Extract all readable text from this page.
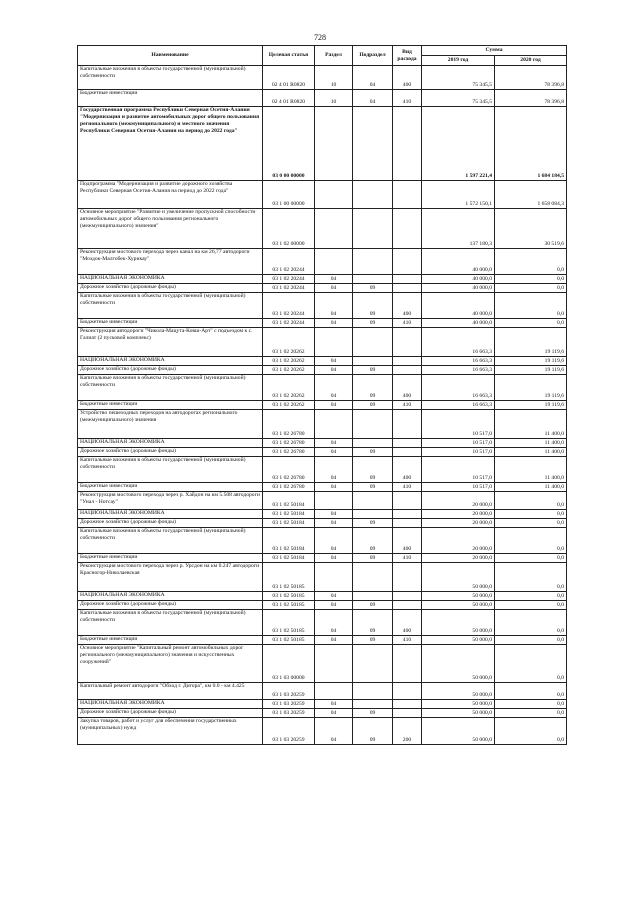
728
Наименование	Целевая статья	Раздел	Подраздел	Вид расхода	Сумма	
					2019 год	2020 год
Капитальные вложения в объекты государственной (муниципальной) собственности	02 4 01 R0820	10	04	400	75 345,5	78 396,8
Бюджетные инвестиции	02 4 01 R0820	10	04	410	75 345,5	78 396,8
Государственная программа Республики Северная Осетия-Алания "Модернизация и развитие автомобильных дорог общего пользования регионального (межмуниципального) и местного значения Республики Северная Осетия-Алания на период до 2022 года"	03 0 00 00000				1 597 221,4	1 684 184,5
Подпрограмма "Модернизация и развитие дорожного хозяйства Республики Северная Осетия-Алания на период до 2022 года"	03 1 00 00000				1 572 150,1	1 658 084,3
Основное мероприятие "Развитие и увеличение пропускной способности автомобильных дорог общего пользования регионального (межмуниципального) значения"	03 1 02 00000				137 180,3	30 519,6
Реконструкция мостового перехода через канал на км 26,77 автодороги "Моздок-Малгобек-Хурикау"	03 1 02 20244				40 000,0	0,0
НАЦИОНАЛЬНАЯ ЭКОНОМИКА	03 1 02 20244	04			40 000,0	0,0
Дорожное хозяйство (дорожные фонды)	03 1 02 20244	04	09		40 000,0	0,0
Капитальные вложения в объекты государственной (муниципальной) собственности	03 1 02 20244	04	09	400	40 000,0	0,0
Бюджетные инвестиции	03 1 02 20244	04	09	410	40 000,0	0,0
Реконструкция автодороги "Чикола-Мацута-Ковш-Арт" с подъездом к с. Галиат (2 пусковой комплекс)	03 1 02 20262				16 663,3	19 119,6
НАЦИОНАЛЬНАЯ ЭКОНОМИКА	03 1 02 20262	04			16 663,3	19 119,6
Дорожное хозяйство (дорожные фонды)	03 1 02 20262	04	09		16 663,3	19 119,6
Капитальные вложения в объекты государственной (муниципальной) собственности	03 1 02 20262	04	09	400	16 663,3	19 119,6
Бюджетные инвестиции	03 1 02 20262	04	09	410	16 663,3	19 119,6
Устройство пешеходных переходов на автодорогах регионального (межмуниципального) значения	03 1 02 26780				10 517,0	11 400,0
НАЦИОНАЛЬНАЯ ЭКОНОМИКА	03 1 02 26780	04			10 517,0	11 400,0
Дорожное хозяйство (дорожные фонды)	03 1 02 26780	04	09		10 517,0	11 400,0
Капитальные вложения в объекты государственной (муниципальной) собственности	03 1 02 26780	04	09	400	10 517,0	11 400,0
Бюджетные инвестиции	03 1 02 26780	04	09	410	10 517,0	11 400,0
Реконструкция мостового перехода через р. Хайдон на км 5.508 автодороги "Унал - Нотсау"	03 1 02 50184				20 000,0	0,0
НАЦИОНАЛЬНАЯ ЭКОНОМИКА	03 1 02 50184	04			20 000,0	0,0
Дорожное хозяйство (дорожные фонды)	03 1 02 50184	04	09		20 000,0	0,0
Капитальные вложения в объекты государственной (муниципальной) собственности	03 1 02 50184	04	09	400	20 000,0	0,0
Бюджетные инвестиции	03 1 02 50184	04	09	410	20 000,0	0,0
Реконструкция мостового перехода через р. Урсдон на км 0.247 автодороги Красногор-Николаевская	03 1 02 50185				50 000,0	0,0
НАЦИОНАЛЬНАЯ ЭКОНОМИКА	03 1 02 50185	04			50 000,0	0,0
Дорожное хозяйство (дорожные фонды)	03 1 02 50185	04	09		50 000,0	0,0
Капитальные вложения в объекты государственной (муниципальной) собственности	03 1 02 50185	04	09	400	50 000,0	0,0
Бюджетные инвестиции	03 1 02 50185	04	09	410	50 000,0	0,0
Основное мероприятие "Капитальный ремонт автомобильных дорог регионального (межмуниципального) значения и искусственных сооружений"	03 1 03 00000				50 000,0	0,0
Капитальный ремонт автодороги "Обход г. Дигора", км 0.0 - км 4.425	03 1 03 20259				50 000,0	0,0
НАЦИОНАЛЬНАЯ ЭКОНОМИКА	03 1 03 20259	04			50 000,0	0,0
Дорожное хозяйство (дорожные фонды)	03 1 03 20259	04	09		50 000,0	0,0
Закупка товаров, работ и услуг для обеспечения государственных (муниципальных) нужд	03 1 03 20259	04	09	200	50 000,0	0,0
